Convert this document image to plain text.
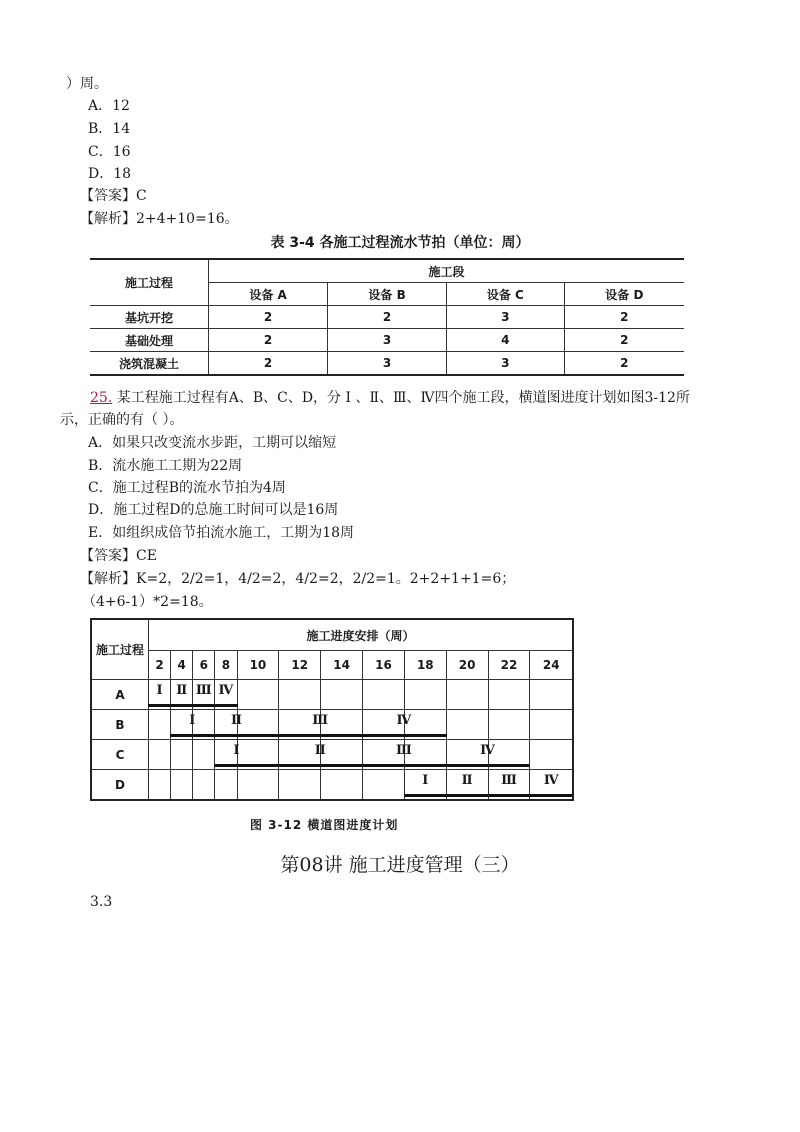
）周。
A．12
B．14
C．16
D．18
【答案】C
【解析】2+4+10=16。
表 3-4 各施工过程流水节拍（单位：周）
施工过程	施工段			
	设备 A	设备 B	设备 C	设备 D
基坑开挖	2	2	3	2
基础处理	2	3	4	2
浇筑混凝土	2	3	3	2
25. 某工程施工过程有A、B、C、D，分 Ⅰ 、Ⅱ、Ⅲ、Ⅳ四个施工段，横道图进度计划如图3-12所
示，正确的有（ ）。
A．如果只改变流水步距，工期可以缩短
B．流水施工工期为22周
C．施工过程B的流水节拍为4周
D．施工过程D的总施工时间可以是16周
E．如组织成倍节拍流水施工，工期为18周
【答案】CE
【解析】K=2，2/2=1，4/2=2，4/2=2，2/2=1。2+2+1+1=6；
（4+6-1）*2=18。
施工过程	施工进度安排（周）											
	2	4	6	8	10	12	14	16	18	20	22	24
A	Ⅰ	Ⅱ	Ⅲ	Ⅳ								

B		Ⅰ		Ⅱ		Ⅲ		Ⅳ				

C				Ⅰ		Ⅱ		Ⅲ		Ⅳ		

D									Ⅰ	Ⅱ	Ⅲ	Ⅳ
图 3-12 横道图进度计划
第08讲 施工进度管理（三）
3.3
